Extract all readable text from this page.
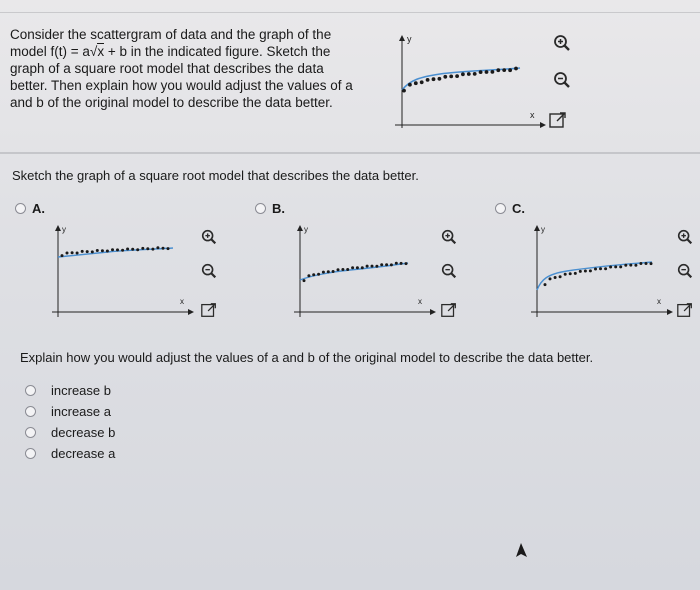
Consider the scattergram of data and the graph of the model f(t) = a√x + b in the indicated figure. Sketch the graph of a square root model that describes the data better. Then explain how you would adjust the values of a and b of the original model to describe the data better.
y
x
Sketch the graph of a square root model that describes the data better.
A.	B.	C.
y
x
y
x
y
x
Explain how you would adjust the values of a and b of the original model to describe the data better.
increase b
increase a
decrease b
decrease a
